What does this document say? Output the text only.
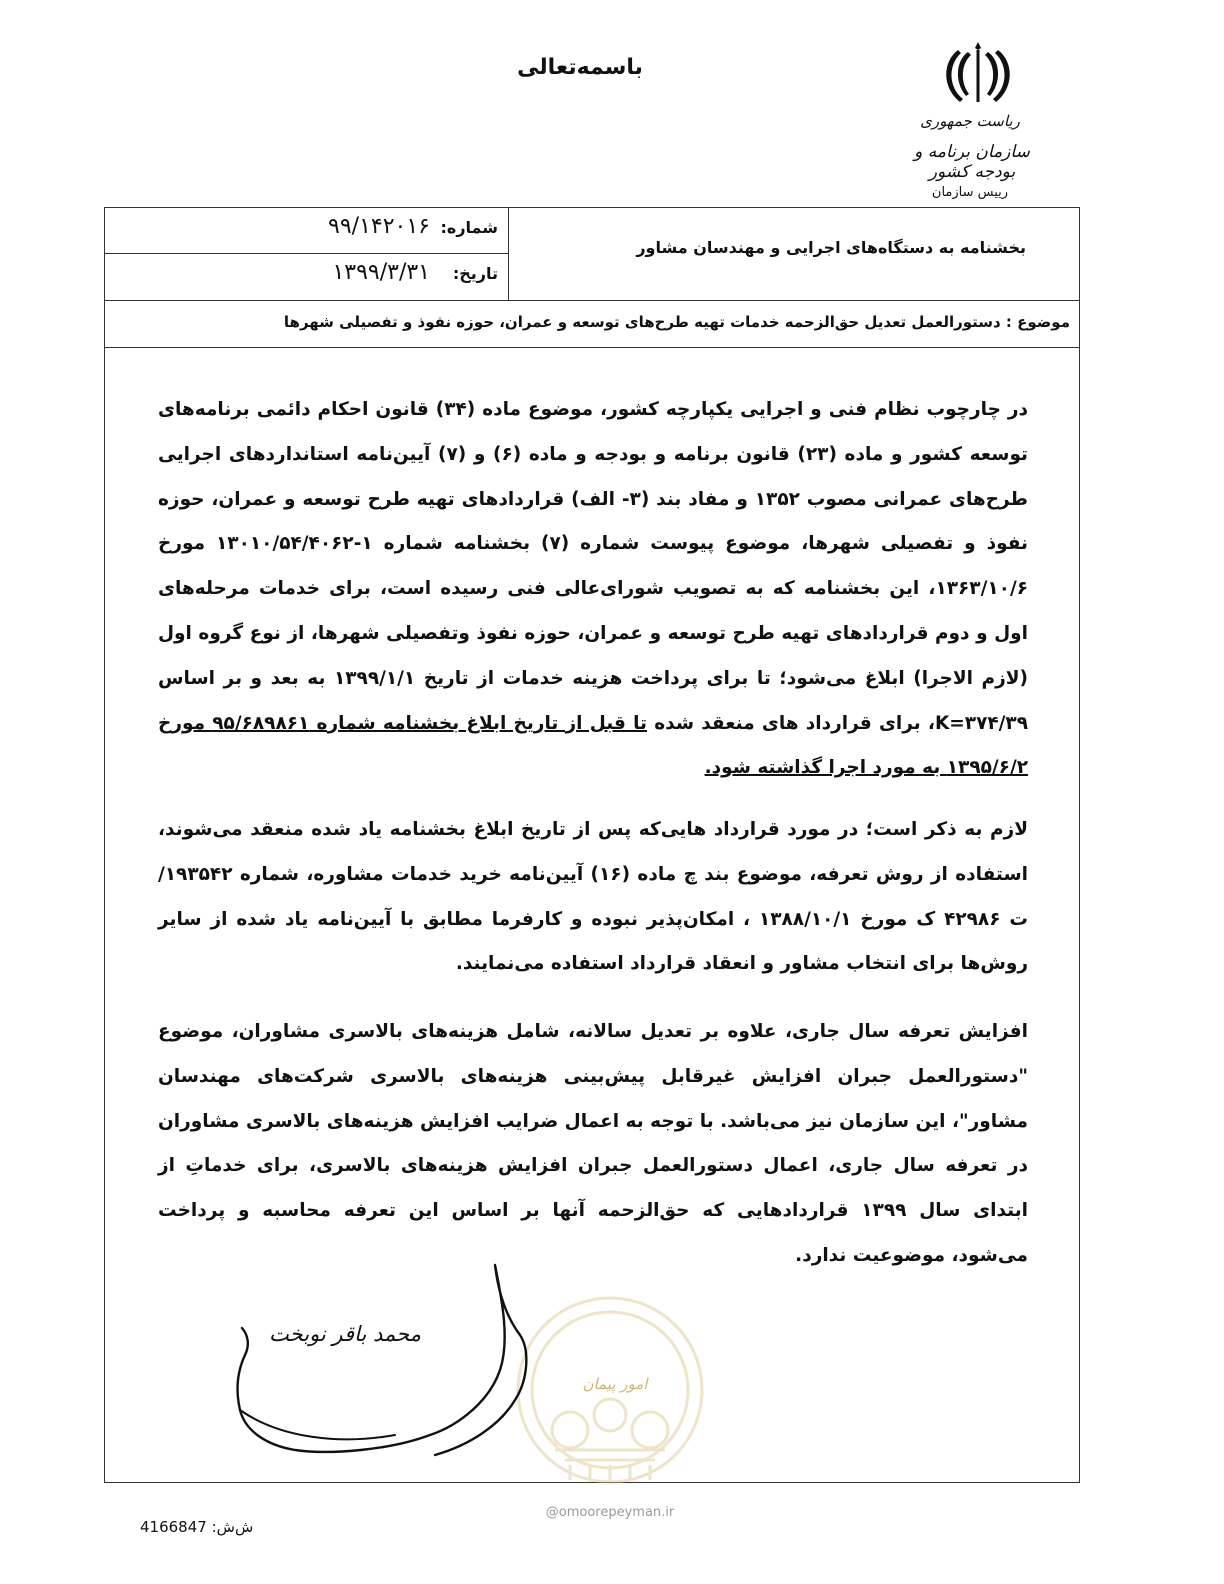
باسمه‌تعالی
ریاست جمهوری
سازمان برنامه و بودجه کشور
رییس سازمان
بخشنامه به دستگاه‌های اجرایی و مهندسان مشاور
شماره:
۹۹/۱۴۲۰۱۶
تاریخ:
۱۳۹۹/۳/۳۱
موضوع : دستورالعمل تعدیل حق‌الزحمه خدمات تهیه طرح‌های توسعه و عمران، حوزه نفوذ و تفصیلی شهرها
در چارچوب نظام فنی و اجرایی یکپارچه کشور، موضوع ماده (۳۴) قانون احکام دائمی برنامه‌های توسعه کشور و ماده (۲۳) قانون برنامه و بودجه و ماده (۶) و (۷) آیین‌نامه استانداردهای اجرایی طرح‌های عمرانی مصوب ۱۳۵۲ و مفاد بند (۳- الف) قراردادهای تهیه طرح توسعه و عمران، حوزه نفوذ و تفصیلی شهرها، موضوع پیوست شماره (۷) بخشنامه شماره ۱-۱۳۰۱۰/۵۴/۴۰۶۲ مورخ ۱۳۶۳/۱۰/۶، این بخشنامه که به تصویب شورای‌عالی فنی رسیده است، برای خدمات مرحله‌های اول و دوم قراردادهای تهیه طرح توسعه و عمران، حوزه نفوذ وتفصیلی شهرها، از نوع گروه اول (لازم الاجرا) ابلاغ می‌شود؛ تا برای پرداخت هزینه خدمات از تاریخ ۱۳۹۹/۱/۱ به بعد و بر اساس K=۳۷۴/۳۹، برای قرارداد های منعقد شده تا قبل از تاریخ ابلاغ بخشنامه شماره ۹۵/۶۸۹۸۶۱ مورخ ۱۳۹۵/۶/۲ به مورد اجرا گذاشته شود.
لازم به ذکر است؛ در مورد قرارداد هایی‌که پس از تاریخ ابلاغ بخشنامه یاد شده منعقد می‌شوند، استفاده از روش تعرفه، موضوع بند چ ماده (۱۶) آیین‌نامه خرید خدمات مشاوره، شماره ۱۹۳۵۴۲/ت ۴۲۹۸۶ ک مورخ ۱۳۸۸/۱۰/۱ ، امکان‌پذیر نبوده و کارفرما مطابق با آیین‌نامه یاد شده از سایر روش‌ها برای انتخاب مشاور و انعقاد قرارداد استفاده می‌نمایند.
افزایش تعرفه سال جاری، علاوه بر تعدیل سالانه، شامل هزینه‌های بالاسری مشاوران، موضوع "دستورالعمل جبران افزایش غیرقابل پیش‌بینی هزینه‌های بالاسری شرکت‌های مهندسان مشاور"، این سازمان نیز می‌باشد. با توجه به اعمال ضرایب افزایش هزینه‌های بالاسری مشاوران در تعرفه سال جاری، اعمال دستورالعمل جبران افزایش هزینه‌های بالاسری، برای خدماتِ از ابتدای سال ۱۳۹۹ قراردادهایی که حق‌الزحمه آنها بر اساس این تعرفه محاسبه و پرداخت می‌شود، موضوعیت ندارد.
امور پیمان
محمد باقر نوبخت
@omoorepeyman.ir
ش‌ش: 4166847
